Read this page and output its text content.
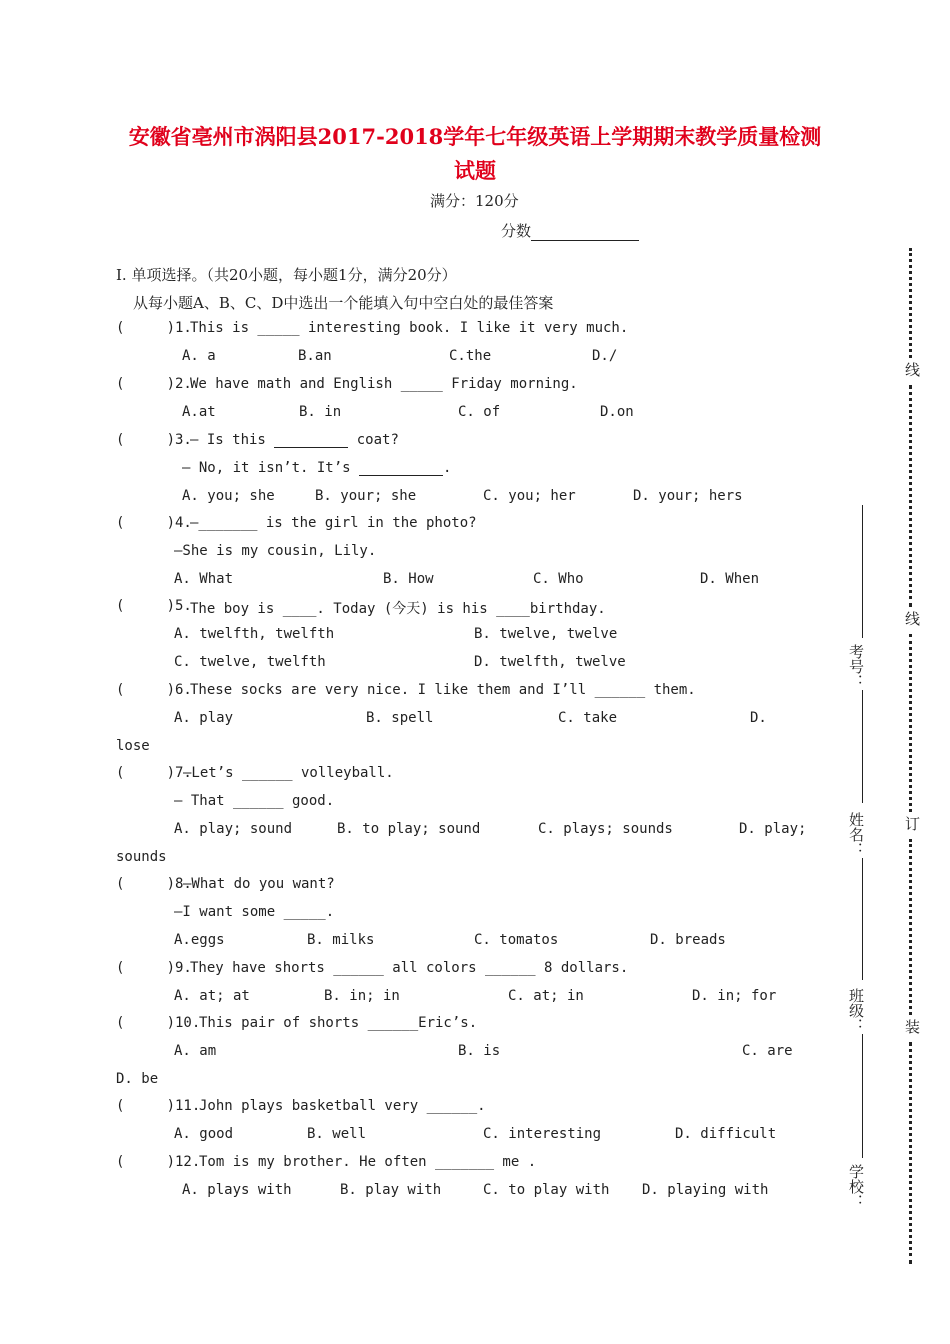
安徽省亳州市涡阳县2017-2018学年七年级英语上学期期末教学质量检测
试题
满分：120分
分数
I. 单项选择。（共20小题，每小题1分，满分20分）
从每小题A、B、C、D中选出一个能填入句中空白处的最佳答案
(     )1.
This is _____ interesting book. I like it very much.
A. a	B.an	C.the	D./
(     )2.
We have math and English _____ Friday morning.
A.at	B. in	C. of	D.on
(     )3.
— Is this	coat?
— No, it isn’t. It’s	.
A. you; she	B. your; she	C. you; her	D. your; hers
(     )4.
—_______ is the girl in the photo?
—She is my cousin, Lily.
A. What	B. How	C. Who	D. When
(     )5.
The boy is ____. Today (今天) is his ____birthday.
A. twelfth, twelfth	B. twelve, twelve
C. twelve, twelfth	D. twelfth, twelve
(     )6.
These socks are very nice. I like them and I’ll ______ them.
A. play	B. spell	C. take	D.
lose
(     )7.
—Let’s ______ volleyball.
— That ______ good.
A. play; sound	B. to play; sound	C. plays; sounds	D. play;
sounds
(     )8.
—What do you want?
—I want some _____.
A.eggs	B. milks	C. tomatos	D. breads
(     )9.
They have shorts ______ all colors ______ 8 dollars.
A. at; at	B. in; in	C. at; in	D. in; for
(     )10.
This pair of shorts ______Eric’s.
A. am	B. is	C. are
D. be
(     )11.
John plays basketball very ______.
A. good	B. well	C. interesting	D. difficult
(     )12.
Tom is my brother. He often _______ me .
A. plays with	B. play with	C. to play with D. playing with
线
线
订
装
考号：
姓名：
班级：
学校：
